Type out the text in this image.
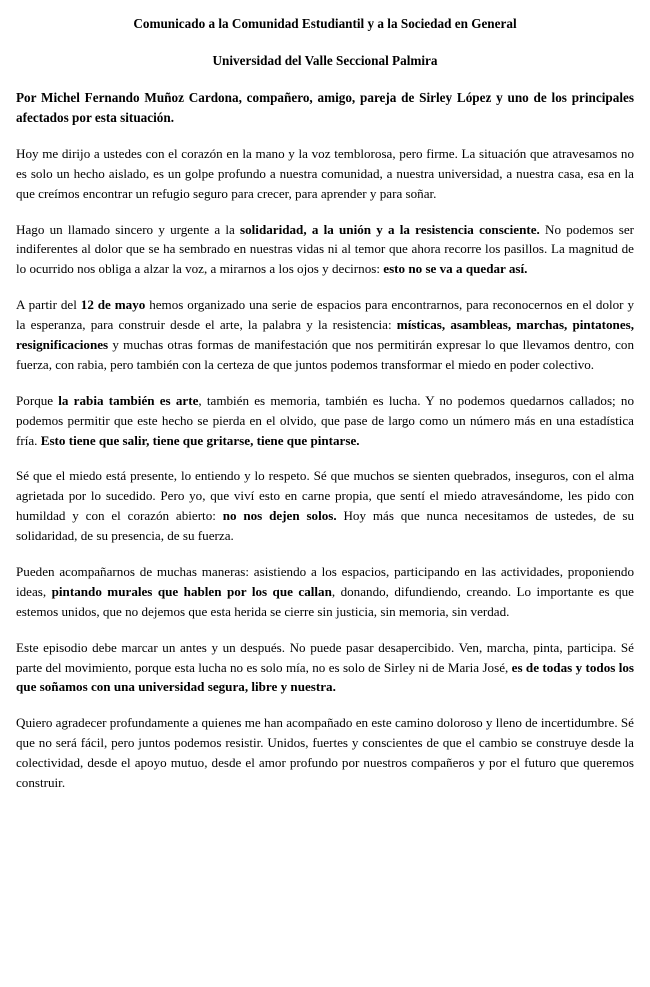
Comunicado a la Comunidad Estudiantil y a la Sociedad en General
Universidad del Valle Seccional Palmira

Por Michel Fernando Muñoz Cardona, compañero, amigo, pareja de Sirley López y uno de los principales afectados por esta situación.

Hoy me dirijo a ustedes con el corazón en la mano y la voz temblorosa, pero firme. La situación que atravesamos no es solo un hecho aislado, es un golpe profundo a nuestra comunidad, a nuestra universidad, a nuestra casa, esa en la que creímos encontrar un refugio seguro para crecer, para aprender y para soñar.

Hago un llamado sincero y urgente a la solidaridad, a la unión y a la resistencia consciente. No podemos ser indiferentes al dolor que se ha sembrado en nuestras vidas ni al temor que ahora recorre los pasillos. La magnitud de lo ocurrido nos obliga a alzar la voz, a mirarnos a los ojos y decirnos: esto no se va a quedar así.

A partir del 12 de mayo hemos organizado una serie de espacios para encontrarnos, para reconocernos en el dolor y la esperanza, para construir desde el arte, la palabra y la resistencia: místicas, asambleas, marchas, pintatones, resignificaciones y muchas otras formas de manifestación que nos permitirán expresar lo que llevamos dentro, con fuerza, con rabia, pero también con la certeza de que juntos podemos transformar el miedo en poder colectivo.

Porque la rabia también es arte, también es memoria, también es lucha. Y no podemos quedarnos callados; no podemos permitir que este hecho se pierda en el olvido, que pase de largo como un número más en una estadística fría. Esto tiene que salir, tiene que gritarse, tiene que pintarse.

Sé que el miedo está presente, lo entiendo y lo respeto. Sé que muchos se sienten quebrados, inseguros, con el alma agrietada por lo sucedido. Pero yo, que viví esto en carne propia, que sentí el miedo atravesándome, les pido con humildad y con el corazón abierto: no nos dejen solos. Hoy más que nunca necesitamos de ustedes, de su solidaridad, de su presencia, de su fuerza.

Pueden acompañarnos de muchas maneras: asistiendo a los espacios, participando en las actividades, proponiendo ideas, pintando murales que hablen por los que callan, donando, difundiendo, creando. Lo importante es que estemos unidos, que no dejemos que esta herida se cierre sin justicia, sin memoria, sin verdad.

Este episodio debe marcar un antes y un después. No puede pasar desapercibido. Ven, marcha, pinta, participa. Sé parte del movimiento, porque esta lucha no es solo mía, no es solo de Sirley ni de Maria José, es de todas y todos los que soñamos con una universidad segura, libre y nuestra.

Quiero agradecer profundamente a quienes me han acompañado en este camino doloroso y lleno de incertidumbre. Sé que no será fácil, pero juntos podemos resistir. Unidos, fuertes y conscientes de que el cambio se construye desde la colectividad, desde el apoyo mutuo, desde el amor profundo por nuestros compañeros y por el futuro que queremos construir.
